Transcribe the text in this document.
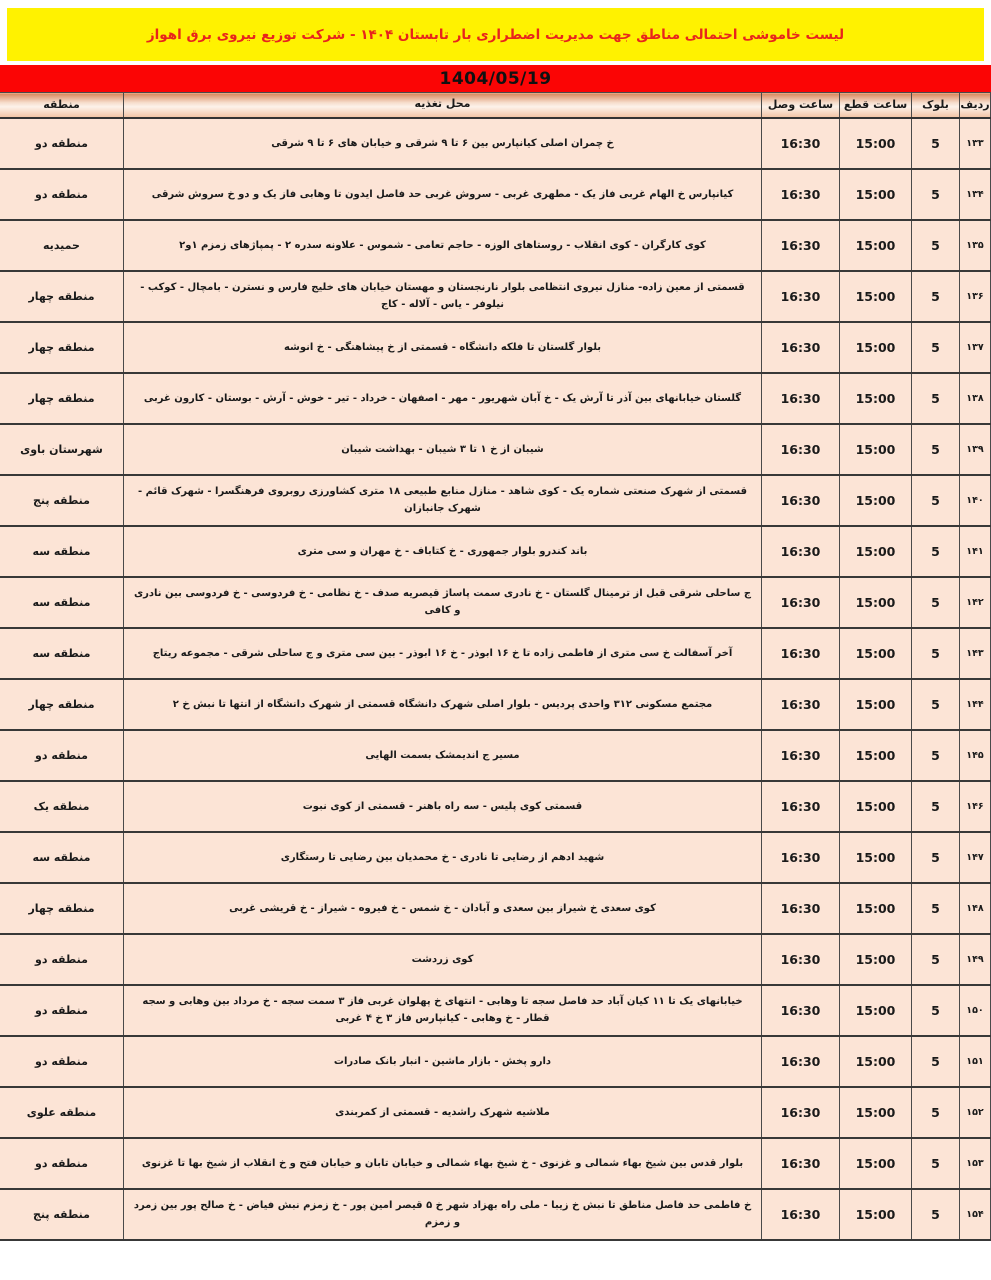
لیست خاموشی احتمالی مناطق جهت مدیریت اضطراری بار تابستان ۱۴۰۴ - شرکت توزیع نیروی برق اهواز
1404/05/19
ردیف	بلوک	ساعت قطع	ساعت وصل	محل تغذیه	منطقه
۱۳۳	5	15:00	16:30	خ چمران اصلی کیانپارس بین ۶ تا ۹ شرقی و خیابان های ۶ تا ۹ شرقی	منطقه دو
۱۳۴	5	15:00	16:30	کیانپارس خ الهام غربی فاز یک - مطهری غربی - سروش غربی حد فاصل ایدون تا وهابی فاز یک و دو خ سروش شرقی	منطقه دو
۱۳۵	5	15:00	16:30	کوی کارگران - کوی انقلاب - روستاهای الوزه - حاجم تعامی - شموس - علاونه سدره ۲ - پمپاژهای زمزم ۱و۲	حمیدیه
۱۳۶	5	15:00	16:30	قسمتی از معین زاده- منازل نیروی انتظامی بلوار نارنجستان و مهستان خیابان های خلیج فارس و نسترن - بامچال - کوکب - نیلوفر - یاس - آلاله - کاج	منطقه چهار
۱۳۷	5	15:00	16:30	بلوار گلستان تا فلکه دانشگاه - قسمتی از خ پیشاهنگی - خ انوشه	منطقه چهار
۱۳۸	5	15:00	16:30	گلستان خیابانهای بین آذر تا آرش یک - خ آبان شهریور - مهر - اصفهان - خرداد - تیر - خوش - آرش - بوستان - کارون غربی	منطقه چهار
۱۳۹	5	15:00	16:30	شیبان از خ ۱ تا ۳ شیبان - بهداشت شیبان	شهرستان باوی
۱۴۰	5	15:00	16:30	قسمتی از شهرک صنعتی شماره یک - کوی شاهد - منازل منابع طبیعی ۱۸ متری کشاورزی روبروی فرهنگسرا - شهرک قائم - شهرک جانبازان	منطقه پنج
۱۴۱	5	15:00	16:30	باند کندرو بلوار جمهوری - خ کتاباف - خ مهران و سی متری	منطقه سه
۱۴۲	5	15:00	16:30	ج ساحلی شرقی قبل از ترمینال گلستان - خ نادری سمت پاساژ قیصریه صدف - خ نظامی - خ فردوسی - خ فردوسی بین نادری و کافی	منطقه سه
۱۴۳	5	15:00	16:30	آخر آسفالت خ سی متری از فاطمی زاده تا خ ۱۶ ابوذر - خ ۱۶ ابوذر - بین سی متری و ج ساحلی شرقی - مجموعه ریتاج	منطقه سه
۱۴۴	5	15:00	16:30	مجتمع مسکونی ۳۱۲ واحدی پردیس - بلوار اصلی شهرک دانشگاه قسمتی از شهرک دانشگاه از انتها تا نبش خ ۲	منطقه چهار
۱۴۵	5	15:00	16:30	مسیر ج اندیمشک بسمت الهایی	منطقه دو
۱۴۶	5	15:00	16:30	قسمتی کوی پلیس - سه راه باهنر - قسمتی از کوی نبوت	منطقه یک
۱۴۷	5	15:00	16:30	شهید ادهم از رضایی تا نادری - خ محمدیان بین رضایی تا رستگاری	منطقه سه
۱۴۸	5	15:00	16:30	کوی سعدی خ شیراز بین سعدی و آبادان - خ شمس - خ فیروه - شیراز - خ قریشی غربی	منطقه چهار
۱۴۹	5	15:00	16:30	کوی زردشت	منطقه دو
۱۵۰	5	15:00	16:30	خیابانهای یک تا ۱۱ کیان آباد حد فاصل سجه تا وهابی - انتهای خ پهلوان غربی فاز ۳ سمت سجه - خ مرداد بین وهابی و سجه قطار - خ وهابی - کیانپارس فاز ۳ خ ۴ غربی	منطقه دو
۱۵۱	5	15:00	16:30	دارو پخش - بازار ماشین - انبار بانک صادرات	منطقه دو
۱۵۲	5	15:00	16:30	ملاشیه شهرک راشدیه - قسمتی از کمربندی	منطقه علوی
۱۵۳	5	15:00	16:30	بلوار قدس بین شیخ بهاء شمالی و غزنوی - خ شیخ بهاء شمالی و خیابان تابان و خیابان فتح و خ انقلاب از شیخ بها تا غزنوی	منطقه دو
۱۵۴	5	15:00	16:30	خ فاطمی حد فاصل مناطق تا نبش خ زیبا - ملی راه بهزاد شهر خ ۵ قیصر امین پور - خ زمزم نبش فیاض - خ صالح پور بین زمرد و زمزم	منطقه پنج
